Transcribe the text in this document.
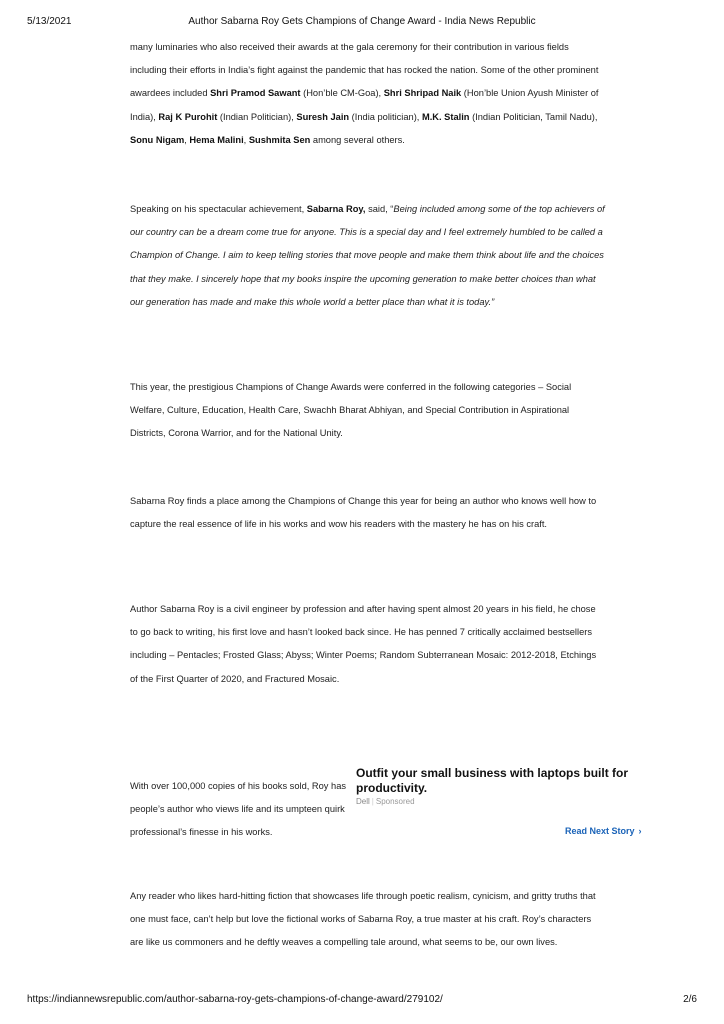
5/13/2021	Author Sabarna Roy Gets Champions of Change Award - India News Republic

many luminaries who also received their awards at the gala ceremony for their contribution in various fields including their efforts in India’s fight against the pandemic that has rocked the nation. Some of the other prominent awardees included Shri Pramod Sawant (Hon’ble CM-Goa), Shri Shripad Naik (Hon’ble Union Ayush Minister of India), Raj K Purohit (Indian Politician), Suresh Jain (India politician), M.K. Stalin (Indian Politician, Tamil Nadu), Sonu Nigam, Hema Malini, Sushmita Sen among several others.

Speaking on his spectacular achievement, Sabarna Roy, said, “Being included among some of the top achievers of our country can be a dream come true for anyone. This is a special day and I feel extremely humbled to be called a Champion of Change. I aim to keep telling stories that move people and make them think about life and the choices that they make. I sincerely hope that my books inspire the upcoming generation to make better choices than what our generation has made and make this whole world a better place than what it is today.”

This year, the prestigious Champions of Change Awards were conferred in the following categories – Social Welfare, Culture, Education, Health Care, Swachh Bharat Abhiyan, and Special Contribution in Aspirational Districts, Corona Warrior, and for the National Unity.

Sabarna Roy finds a place among the Champions of Change this year for being an author who knows well how to capture the real essence of life in his works and wow his readers with the mastery he has on his craft.

Author Sabarna Roy is a civil engineer by profession and after having spent almost 20 years in his field, he chose to go back to writing, his first love and hasn’t looked back since. He has penned 7 critically acclaimed bestsellers including – Pentacles; Frosted Glass; Abyss; Winter Poems; Random Subterranean Mosaic: 2012-2018, Etchings of the First Quarter of 2020, and Fractured Mosaic.

With over 100,000 copies of his books sold, Roy has

people’s author who views life and its umpteen quirk

professional’s finesse in his works.

Outfit your small business with laptops built for productivity.

Dell | Sponsored
Read Next Story ›

Any reader who likes hard-hitting fiction that showcases life through poetic realism, cynicism, and gritty truths that one must face, can’t help but love the fictional works of Sabarna Roy, a true master at his craft. Roy’s characters are like us commoners and he deftly weaves a compelling tale around, what seems to be, our own lives.

https://indiannewsrepublic.com/author-sabarna-roy-gets-champions-of-change-award/279102/	2/6
